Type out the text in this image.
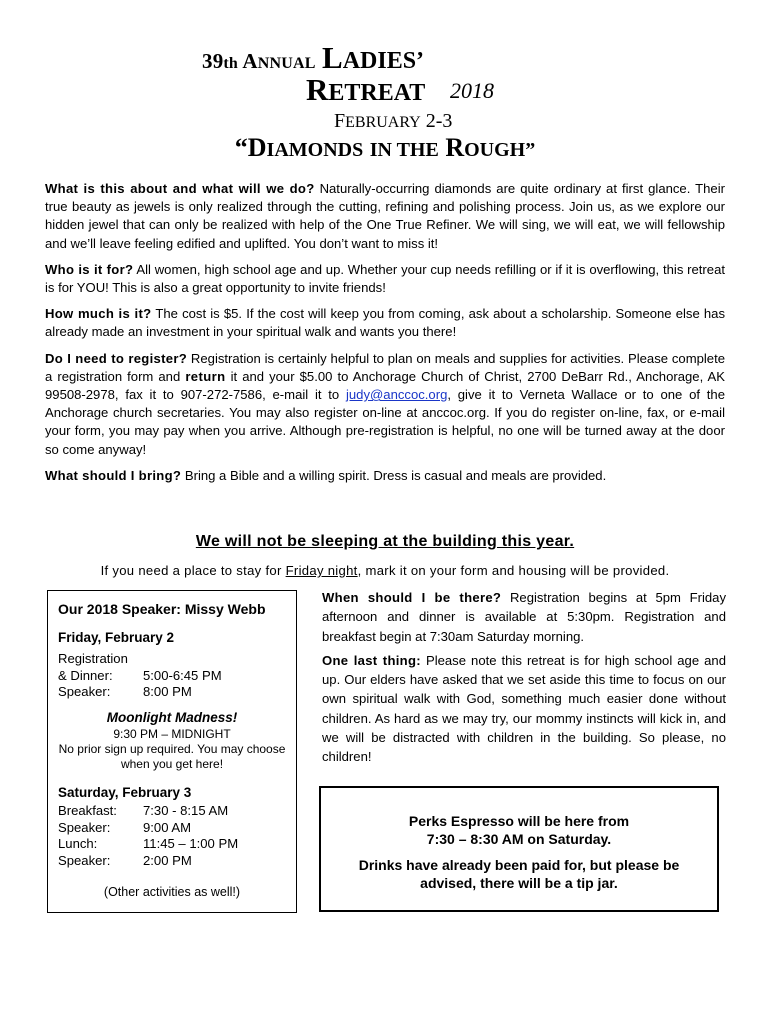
39th ANNUAL LADIES’
RETREAT 2018
FEBRUARY 2-3
“DIAMONDS IN THE ROUGH”

What is this about and what will we do? Naturally-occurring diamonds are quite ordinary at first glance. Their true beauty as jewels is only realized through the cutting, refining and polishing process. Join us, as we explore our hidden jewel that can only be realized with help of the One True Refiner. We will sing, we will eat, we will fellowship and we’ll leave feeling edified and uplifted. You don’t want to miss it!

Who is it for? All women, high school age and up. Whether your cup needs refilling or if it is overflowing, this retreat is for YOU! This is also a great opportunity to invite friends!

How much is it? The cost is $5. If the cost will keep you from coming, ask about a scholarship. Someone else has already made an investment in your spiritual walk and wants you there!

Do I need to register? Registration is certainly helpful to plan on meals and supplies for activities. Please complete a registration form and return it and your $5.00 to Anchorage Church of Christ, 2700 DeBarr Rd., Anchorage, AK 99508-2978, fax it to 907-272-7586, e-mail it to judy@anccoc.org, give it to Verneta Wallace or to one of the Anchorage church secretaries. You may also register on-line at anccoc.org. If you do register on-line, fax, or e-mail your form, you may pay when you arrive. Although pre-registration is helpful, no one will be turned away at the door so come anyway!

What should I bring? Bring a Bible and a willing spirit. Dress is casual and meals are provided.

We will not be sleeping at the building this year.
If you need a place to stay for Friday night, mark it on your form and housing will be provided.
Our 2018 Speaker: Missy Webb
Friday, February 2
Registration
& Dinner:	5:00-6:45 PM
Speaker:	8:00 PM
Moonlight Madness!
9:30 PM – MIDNIGHT
No prior sign up required. You may choose when you get here!
Saturday, February 3
Breakfast:	7:30 - 8:15 AM
Speaker:	9:00 AM
Lunch:	11:45 – 1:00 PM
Speaker:	2:00 PM
(Other activities as well!)

When should I be there? Registration begins at 5pm Friday afternoon and dinner is available at 5:30pm. Registration and breakfast begin at 7:30am Saturday morning.

One last thing: Please note this retreat is for high school age and up. Our elders have asked that we set aside this time to focus on our own spiritual walk with God, something much easier done without children. As hard as we may try, our mommy instincts will kick in, and we will be distracted with children in the building. So please, no children!

Perks Espresso will be here from
7:30 – 8:30 AM on Saturday.
Drinks have already been paid for, but please be
advised, there will be a tip jar.
